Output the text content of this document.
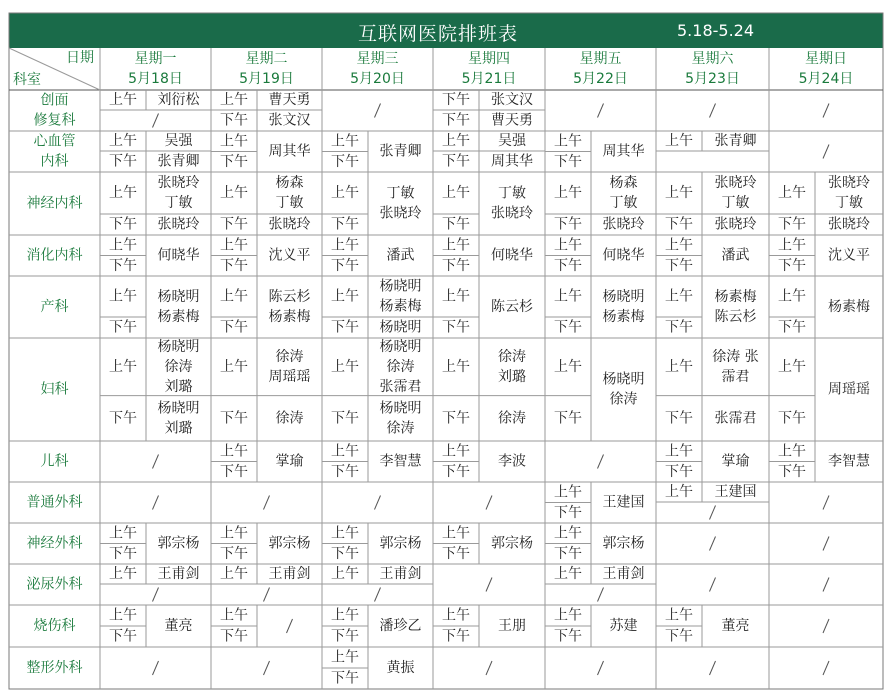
互联网医院排班表	5.18-5.24
日期
科室
星期一
5月18日
星期二
5月19日
星期三
5月20日
星期四
5月21日
星期五
5月22日
星期六
5月23日
星期日
5月24日
创面
修复科
上午 刘衍松 上午 曹天勇
下午 张文汉
下午 张文汉
下午 曹天勇
心血管
内科
上午 吴强
下午 张青卿
上午
下午
周其华
上午
下午
张青卿
上午 吴强
下午 周其华
上午
下午
周其华
上午 张青卿
神经内科
上午
下午
张晓玲
丁敏
张晓玲
上午
下午
杨森
丁敏
张晓玲
上午
下午
丁敏
张晓玲
上午
下午
丁敏
张晓玲
上午
下午
杨森
丁敏
张晓玲
上午
下午
张晓玲
丁敏
张晓玲
上午
下午
张晓玲
丁敏
张晓玲
消化内科
上午
下午
何晓华
上午
下午
沈义平
上午
下午
潘武
上午
下午
何晓华
上午
下午
何晓华
上午
下午
潘武
上午
下午
沈义平
产科
上午
下午
杨晓明
杨素梅
上午
下午
陈云杉
杨素梅
上午
下午
杨晓明
杨素梅
杨晓明
上午
下午
陈云杉
上午
下午
杨晓明
杨素梅
上午
下午
杨素梅
陈云杉
上午
下午
杨素梅
妇科
上午
下午
杨晓明
徐涛
刘璐
杨晓明
刘璐
上午
下午
徐涛
周瑶瑶
徐涛
上午
下午
杨晓明
徐涛
张霈君
杨晓明
徐涛
上午
下午
徐涛
刘璐
徐涛
上午
下午
杨晓明
徐涛
上午
下午
徐涛 张
霈君
张霈君
上午
下午
周瑶瑶
儿科
上午
下午
掌瑜
上午
下午
李智慧
上午
下午
李波
上午
下午
掌瑜
上午
下午
李智慧
普通外科
上午
下午
王建国
上午 王建国
神经外科
上午
下午
郭宗杨
上午
下午
郭宗杨
上午
下午
郭宗杨
上午
下午
郭宗杨
上午
下午
郭宗杨
泌尿外科
上午 王甫剑 上午 王甫剑 上午 王甫剑	上午 王甫剑
烧伤科
上午
下午
董亮
上午
下午
上午
下午
潘珍乙
上午
下午
王朋
上午
下午
苏建
上午
下午
董亮
整形外科
上午
下午
黄振
